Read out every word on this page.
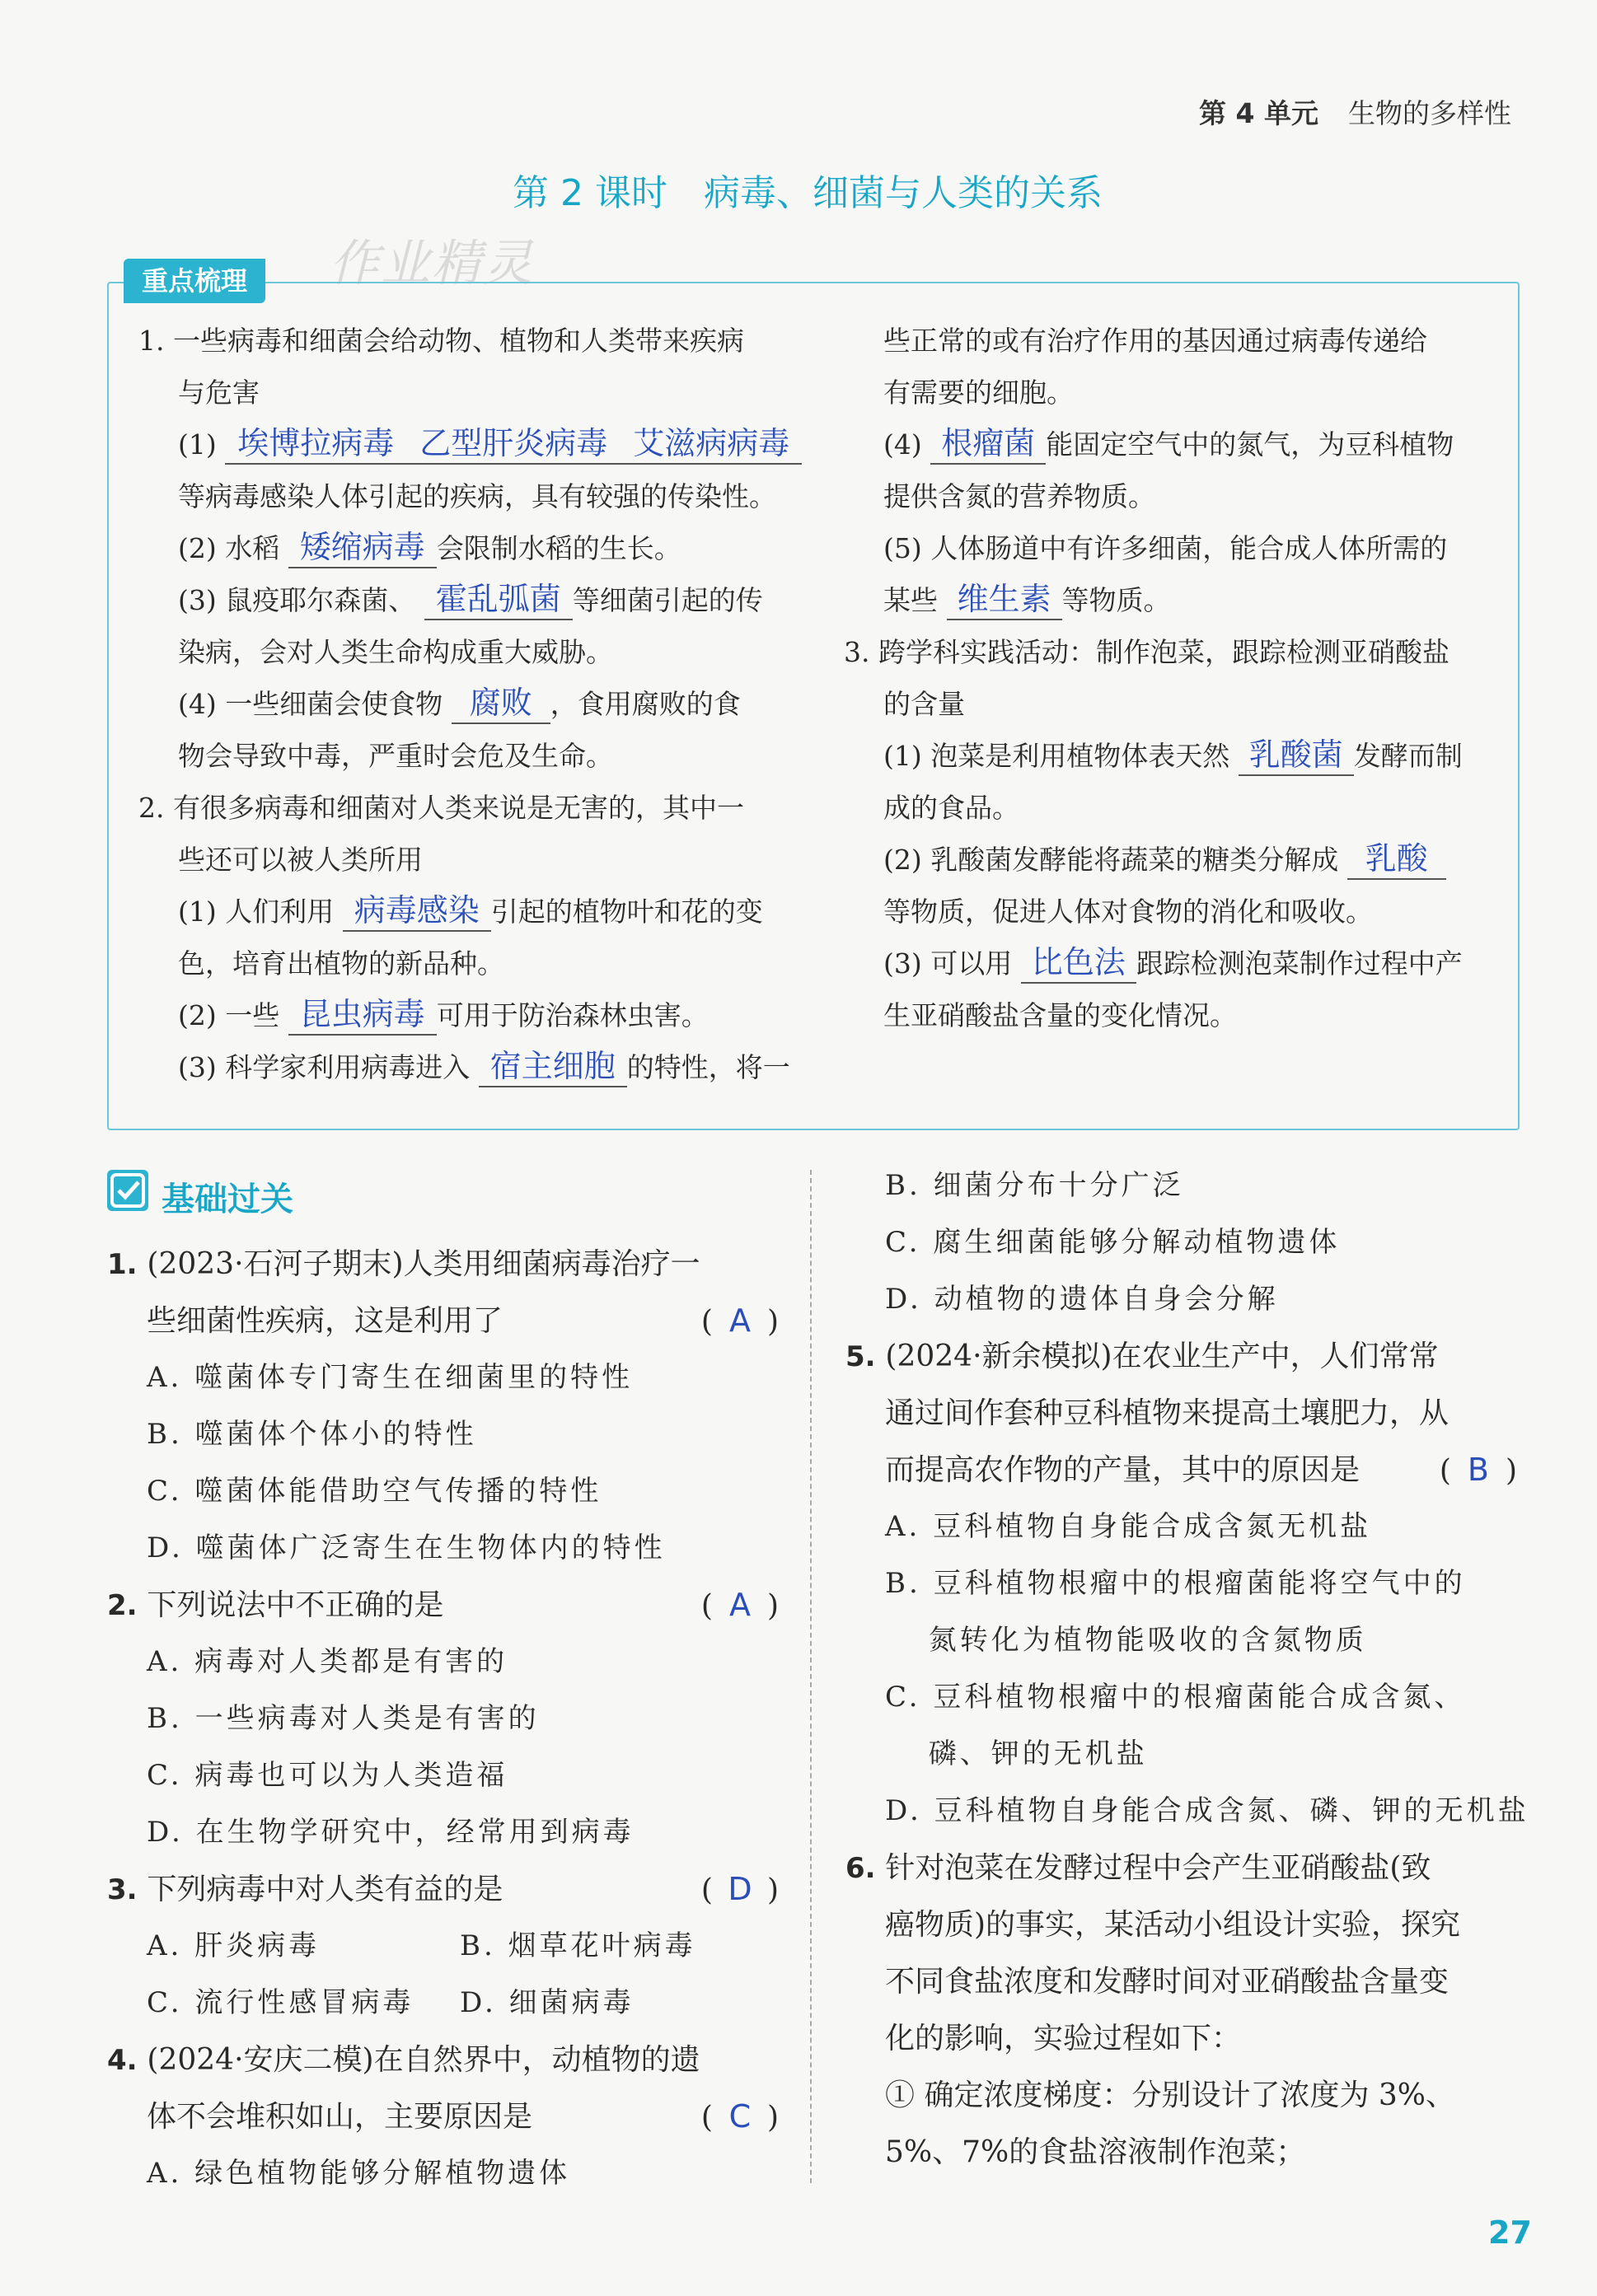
第 4 单元 生物的多样性
第 2 课时　病毒、细菌与人类的关系
作业精灵
重点梳理
1. 一些病毒和细菌会给动物、植物和人类带来疾病
与危害
(1) 埃博拉病毒 乙型肝炎病毒 艾滋病病毒
等病毒感染人体引起的疾病，具有较强的传染性。
(2) 水稻 矮缩病毒 会限制水稻的生长。
(3) 鼠疫耶尔森菌、 霍乱弧菌 等细菌引起的传
染病，会对人类生命构成重大威胁。
(4) 一些细菌会使食物 腐败 ，食用腐败的食
物会导致中毒，严重时会危及生命。
2. 有很多病毒和细菌对人类来说是无害的，其中一
些还可以被人类所用
(1) 人们利用 病毒感染 引起的植物叶和花的变
色，培育出植物的新品种。
(2) 一些 昆虫病毒 可用于防治森林虫害。
(3) 科学家利用病毒进入 宿主细胞 的特性，将一
些正常的或有治疗作用的基因通过病毒传递给
有需要的细胞。
(4) 根瘤菌 能固定空气中的氮气，为豆科植物
提供含氮的营养物质。
(5) 人体肠道中有许多细菌，能合成人体所需的
某些 维生素 等物质。
3. 跨学科实践活动：制作泡菜，跟踪检测亚硝酸盐
的含量
(1) 泡菜是利用植物体表天然 乳酸菌 发酵而制
成的食品。
(2) 乳酸菌发酵能将蔬菜的糖类分解成 乳酸
等物质，促进人体对食物的消化和吸收。
(3) 可以用 比色法 跟踪检测泡菜制作过程中产
生亚硝酸盐含量的变化情况。
基础过关
1. (2023·石河子期末)人类用细菌病毒治疗一
些细菌性疾病，这是利用了	( A )
A. 噬菌体专门寄生在细菌里的特性
B. 噬菌体个体小的特性
C. 噬菌体能借助空气传播的特性
D. 噬菌体广泛寄生在生物体内的特性
2. 下列说法中不正确的是	( A )
A. 病毒对人类都是有害的
B. 一些病毒对人类是有害的
C. 病毒也可以为人类造福
D. 在生物学研究中，经常用到病毒
3. 下列病毒中对人类有益的是	( D )
A. 肝炎病毒	B. 烟草花叶病毒
C. 流行性感冒病毒 D. 细菌病毒
4. (2024·安庆二模)在自然界中，动植物的遗
体不会堆积如山，主要原因是	( C )
A. 绿色植物能够分解植物遗体
B. 细菌分布十分广泛
C. 腐生细菌能够分解动植物遗体
D. 动植物的遗体自身会分解
5. (2024·新余模拟)在农业生产中，人们常常
通过间作套种豆科植物来提高土壤肥力，从
而提高农作物的产量，其中的原因是	( B )
A. 豆科植物自身能合成含氮无机盐
B. 豆科植物根瘤中的根瘤菌能将空气中的
　 氮转化为植物能吸收的含氮物质
C. 豆科植物根瘤中的根瘤菌能合成含氮、
　 磷、钾的无机盐
D. 豆科植物自身能合成含氮、磷、钾的无机盐
6. 针对泡菜在发酵过程中会产生亚硝酸盐(致
癌物质)的事实，某活动小组设计实验，探究
不同食盐浓度和发酵时间对亚硝酸盐含量变
化的影响，实验过程如下：
① 确定浓度梯度：分别设计了浓度为 3%、
5%、7%的食盐溶液制作泡菜；
27
